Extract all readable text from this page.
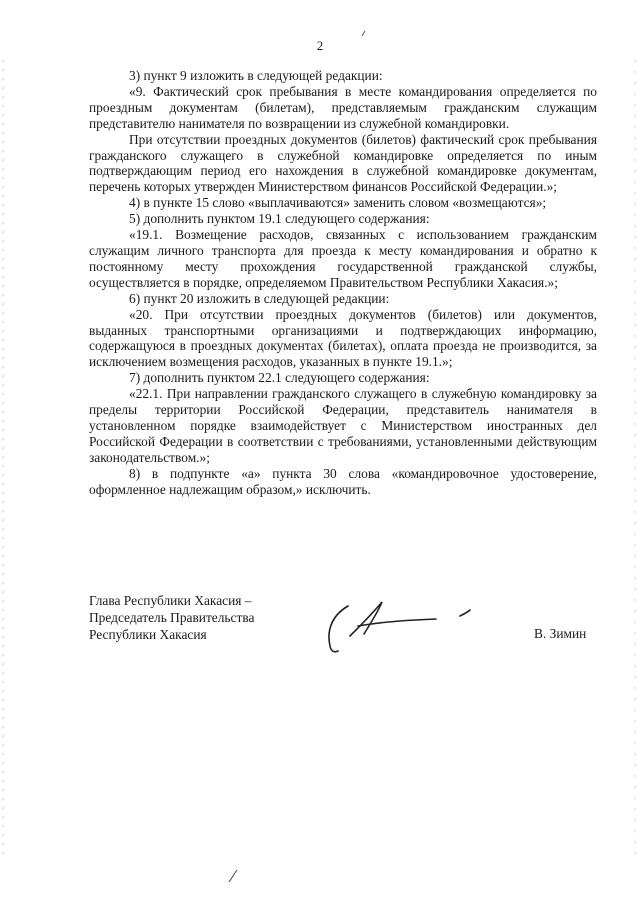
2

3) пункт 9 изложить в следующей редакции:

«9. Фактический срок пребывания в месте командирования определяется по проездным документам (билетам), представляемым гражданским служащим представителю нанимателя по возвращении из служебной командировки.

При отсутствии проездных документов (билетов) фактический срок пребывания гражданского служащего в служебной командировке определяется по иным подтверждающим период его нахождения в служебной командировке документам, перечень которых утвержден Министерством финансов Российской Федерации.»;

4) в пункте 15 слово «выплачиваются» заменить словом «возмещаются»;

5) дополнить пунктом 19.1 следующего содержания:

«19.1. Возмещение расходов, связанных с использованием гражданским служащим личного транспорта для проезда к месту командирования и обратно к постоянному месту прохождения государственной гражданской службы, осуществляется в порядке, определяемом Правительством Республики Хакасия.»;

6) пункт 20 изложить в следующей редакции:

«20. При отсутствии проездных документов (билетов) или документов, выданных транспортными организациями и подтверждающих информацию, содержащуюся в проездных документах (билетах), оплата проезда не производится, за исключением возмещения расходов, указанных в пункте 19.1.»;

7) дополнить пунктом 22.1 следующего содержания:

«22.1. При направлении гражданского служащего в служебную командировку за пределы территории Российской Федерации, представитель нанимателя в установленном порядке взаимодействует с Министерством иностранных дел Российской Федерации в соответствии с требованиями, установленными действующим законодательством.»;

8) в подпункте «а» пункта 30 слова «командировочное удостоверение, оформленное надлежащим образом,» исключить.

Глава Республики Хакасия –
Председатель Правительства
Республики Хакасия	В. Зимин
